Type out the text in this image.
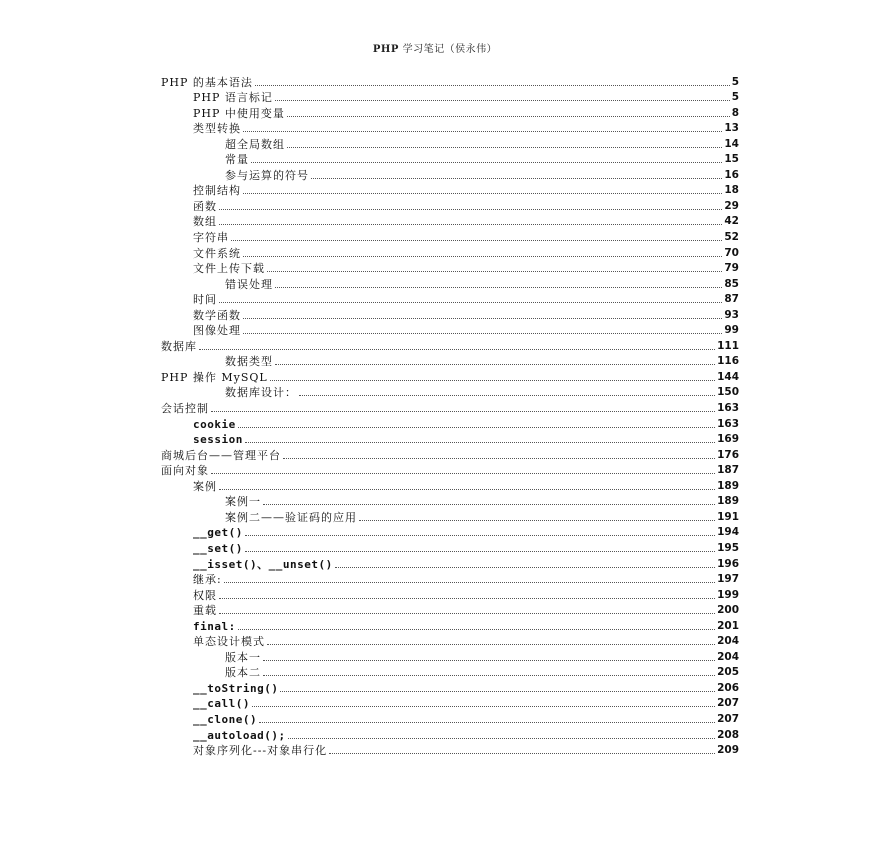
PHP 学习笔记（侯永伟）
PHP 的基本语法	5
PHP 语言标记	5
PHP 中使用变量	8
类型转换	13
超全局数组	14
常量	15
参与运算的符号	16
控制结构	18
函数	29
数组	42
字符串	52
文件系统	70
文件上传下载	79
错误处理	85
时间	87
数学函数	93
图像处理	99
数据库	111
数据类型	116
PHP 操作 MySQL	144
数据库设计：	150
会话控制	163
cookie	163
session	169
商城后台——管理平台	176
面向对象	187
案例	189
案例一	189
案例二——验证码的应用	191
__get()	194
__set()	195
__isset()、__unset()	196
继承:	197
权限	199
重载	200
final:	201
单态设计模式	204
版本一	204
版本二	205
__toString()	206
__call()	207
__clone()	207
__autoload();	208
对象序列化---对象串行化	209
